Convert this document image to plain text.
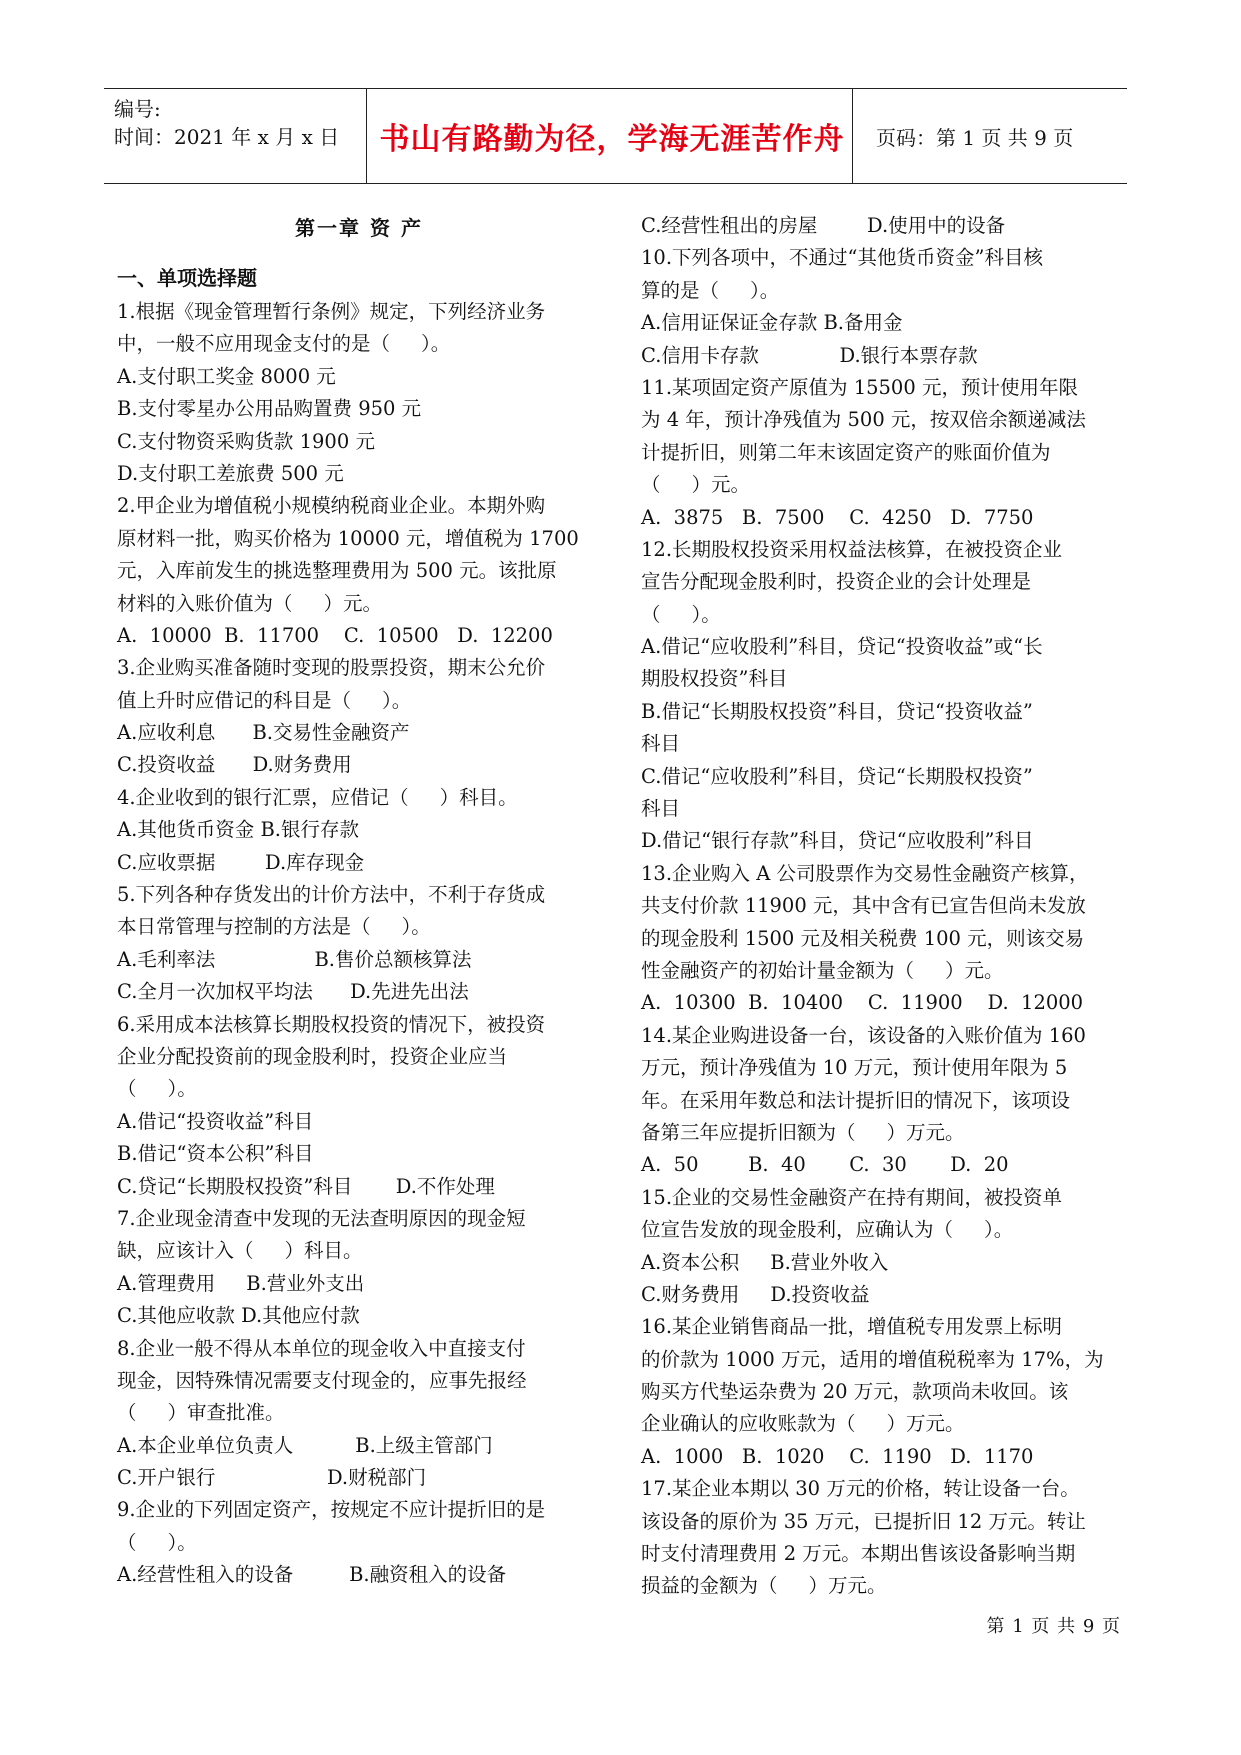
编号:
时间：2021 年 x 月 x 日	书山有路勤为径，学海无涯苦作舟	页码：第 1 页 共 9 页
第一章 资 产
一、单项选择题
1.根据《现金管理暂行条例》规定，下列经济业务
中，一般不应用现金支付的是（     ）。
A.支付职工奖金 8000 元
B.支付零星办公用品购置费 950 元
C.支付物资采购货款 1900 元
D.支付职工差旅费 500 元
2.甲企业为增值税小规模纳税商业企业。本期外购
原材料一批，购买价格为 10000 元，增值税为 1700
元，入库前发生的挑选整理费用为 500 元。该批原
材料的入账价值为（     ）元。
A.  10000  B.  11700    C.  10500   D.  12200
3.企业购买准备随时变现的股票投资，期末公允价
值上升时应借记的科目是（     ）。
A.应收利息      B.交易性金融资产
C.投资收益      D.财务费用
4.企业收到的银行汇票，应借记（     ）科目。
A.其他货币资金 B.银行存款
C.应收票据        D.库存现金
5.下列各种存货发出的计价方法中，不利于存货成
本日常管理与控制的方法是（     ）。
A.毛利率法                B.售价总额核算法
C.全月一次加权平均法      D.先进先出法
6.采用成本法核算长期股权投资的情况下，被投资
企业分配投资前的现金股利时，投资企业应当
（     ）。
A.借记“投资收益”科目
B.借记“资本公积”科目
C.贷记“长期股权投资”科目       D.不作处理
7.企业现金清查中发现的无法查明原因的现金短
缺，应该计入（     ）科目。
A.管理费用     B.营业外支出
C.其他应收款 D.其他应付款
8.企业一般不得从本单位的现金收入中直接支付
现金，因特殊情况需要支付现金的，应事先报经
（     ）审查批准。
A.本企业单位负责人          B.上级主管部门
C.开户银行                  D.财税部门
9.企业的下列固定资产，按规定不应计提折旧的是
（     ）。
A.经营性租入的设备         B.融资租入的设备
C.经营性租出的房屋        D.使用中的设备
10.下列各项中，不通过“其他货币资金”科目核
算的是（     ）。
A.信用证保证金存款 B.备用金
C.信用卡存款             D.银行本票存款
11.某项固定资产原值为 15500 元，预计使用年限
为 4 年，预计净残值为 500 元，按双倍余额递减法
计提折旧，则第二年末该固定资产的账面价值为
（     ）元。
A.  3875   B.  7500    C.  4250   D.  7750
12.长期股权投资采用权益法核算，在被投资企业
宣告分配现金股利时，投资企业的会计处理是
（     ）。
A.借记“应收股利”科目，贷记“投资收益”或“长
期股权投资”科目
B.借记“长期股权投资”科目，贷记“投资收益”
科目
C.借记“应收股利”科目，贷记“长期股权投资”
科目
D.借记“银行存款”科目，贷记“应收股利”科目
13.企业购入 A 公司股票作为交易性金融资产核算，
共支付价款 11900 元，其中含有已宣告但尚未发放
的现金股利 1500 元及相关税费 100 元，则该交易
性金融资产的初始计量金额为（     ）元。
A.  10300  B.  10400    C.  11900    D.  12000
14.某企业购进设备一台，该设备的入账价值为 160
万元，预计净残值为 10 万元，预计使用年限为 5
年。在采用年数总和法计提折旧的情况下，该项设
备第三年应提折旧额为（     ）万元。
A.  50        B.  40       C.  30       D.  20
15.企业的交易性金融资产在持有期间，被投资单
位宣告发放的现金股利，应确认为（     ）。
A.资本公积     B.营业外收入
C.财务费用     D.投资收益
16.某企业销售商品一批，增值税专用发票上标明
的价款为 1000 万元，适用的增值税税率为 17%，为
购买方代垫运杂费为 20 万元，款项尚未收回。该
企业确认的应收账款为（     ）万元。
A.  1000   B.  1020    C.  1190   D.  1170
17.某企业本期以 30 万元的价格，转让设备一台。
该设备的原价为 35 万元，已提折旧 12 万元。转让
时支付清理费用 2 万元。本期出售该设备影响当期
损益的金额为（     ）万元。
第 1 页 共 9 页
